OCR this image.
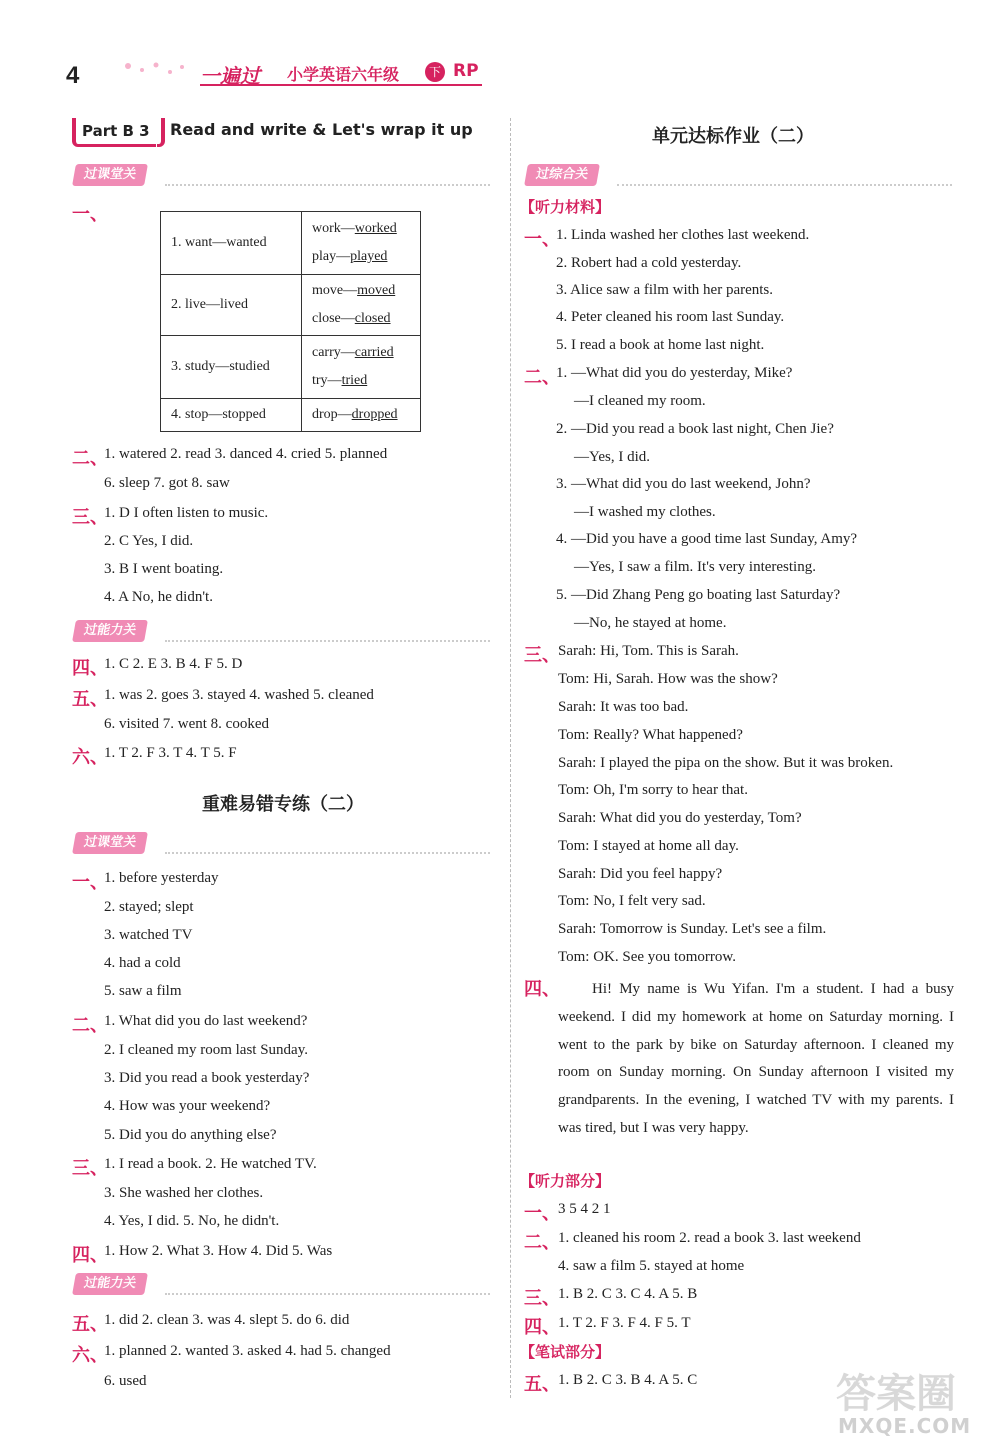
4	一遍过 小学英语六年级	下 RP
Part B 3	Read and write & Let's wrap it up
过课堂关
一、
1. want—wanted	work—worked
play—played

2. live—lived	move—moved
close—closed

3. study—studied	carry—carried
try—tried

4. stop—stopped	drop—dropped
二、
1. watered 2. read 3. danced 4. cried 5. planned
6. sleep 7. got 8. saw
三、
1. D I often listen to music.
2. C Yes, I did.
3. B I went boating.
4. A No, he didn't.
过能力关
四、
1. C 2. E 3. B 4. F 5. D
五、
1. was 2. goes 3. stayed 4. washed 5. cleaned
6. visited 7. went 8. cooked
六、
1. T 2. F 3. T 4. T 5. F
重难易错专练（二）
过课堂关
一、
1. before yesterday
2. stayed; slept
3. watched TV
4. had a cold
5. saw a film
二、
1. What did you do last weekend?
2. I cleaned my room last Sunday.
3. Did you read a book yesterday?
4. How was your weekend?
5. Did you do anything else?
三、
1. I read a book. 2. He watched TV.
3. She washed her clothes.
4. Yes, I did. 5. No, he didn't.
四、
1. How 2. What 3. How 4. Did 5. Was
过能力关
五、
1. did 2. clean 3. was 4. slept 5. do 6. did
六、
1. planned 2. wanted 3. asked 4. had 5. changed
6. used
单元达标作业（二）
过综合关
【听力材料】
一、
1. Linda washed her clothes last weekend.
2. Robert had a cold yesterday.
3. Alice saw a film with her parents.
4. Peter cleaned his room last Sunday.
5. I read a book at home last night.
二、
1. —What did you do yesterday, Mike?
—I cleaned my room.
2. —Did you read a book last night, Chen Jie?
—Yes, I did.
3. —What did you do last weekend, John?
—I washed my clothes.
4. —Did you have a good time last Sunday, Amy?
—Yes, I saw a film. It's very interesting.
5. —Did Zhang Peng go boating last Saturday?
—No, he stayed at home.
三、
Sarah: Hi, Tom. This is Sarah.
Tom: Hi, Sarah. How was the show?
Sarah: It was too bad.
Tom: Really? What happened?
Sarah: I played the pipa on the show. But it was broken.
Tom: Oh, I'm sorry to hear that.
Sarah: What did you do yesterday, Tom?
Tom: I stayed at home all day.
Sarah: Did you feel happy?
Tom: No, I felt very sad.
Sarah: Tomorrow is Sunday. Let's see a film.
Tom: OK. See you tomorrow.
四、	Hi! My name is Wu Yifan. I'm a student. I had a busy weekend. I did my homework at home on Saturday morning. I went to the park by bike on Saturday afternoon. I cleaned my room on Sunday morning. On Sunday afternoon I visited my grandparents. In the evening, I watched TV with my parents. I was tired, but I was very happy.
【听力部分】
一、
3 5 4 2 1
二、
1. cleaned his room 2. read a book 3. last weekend
4. saw a film 5. stayed at home
三、
1. B 2. C 3. C 4. A 5. B
四、
1. T 2. F 3. F 4. F 5. T
【笔试部分】
五、
1. B 2. C 3. B 4. A 5. C	答案圈
MXQE.COM
